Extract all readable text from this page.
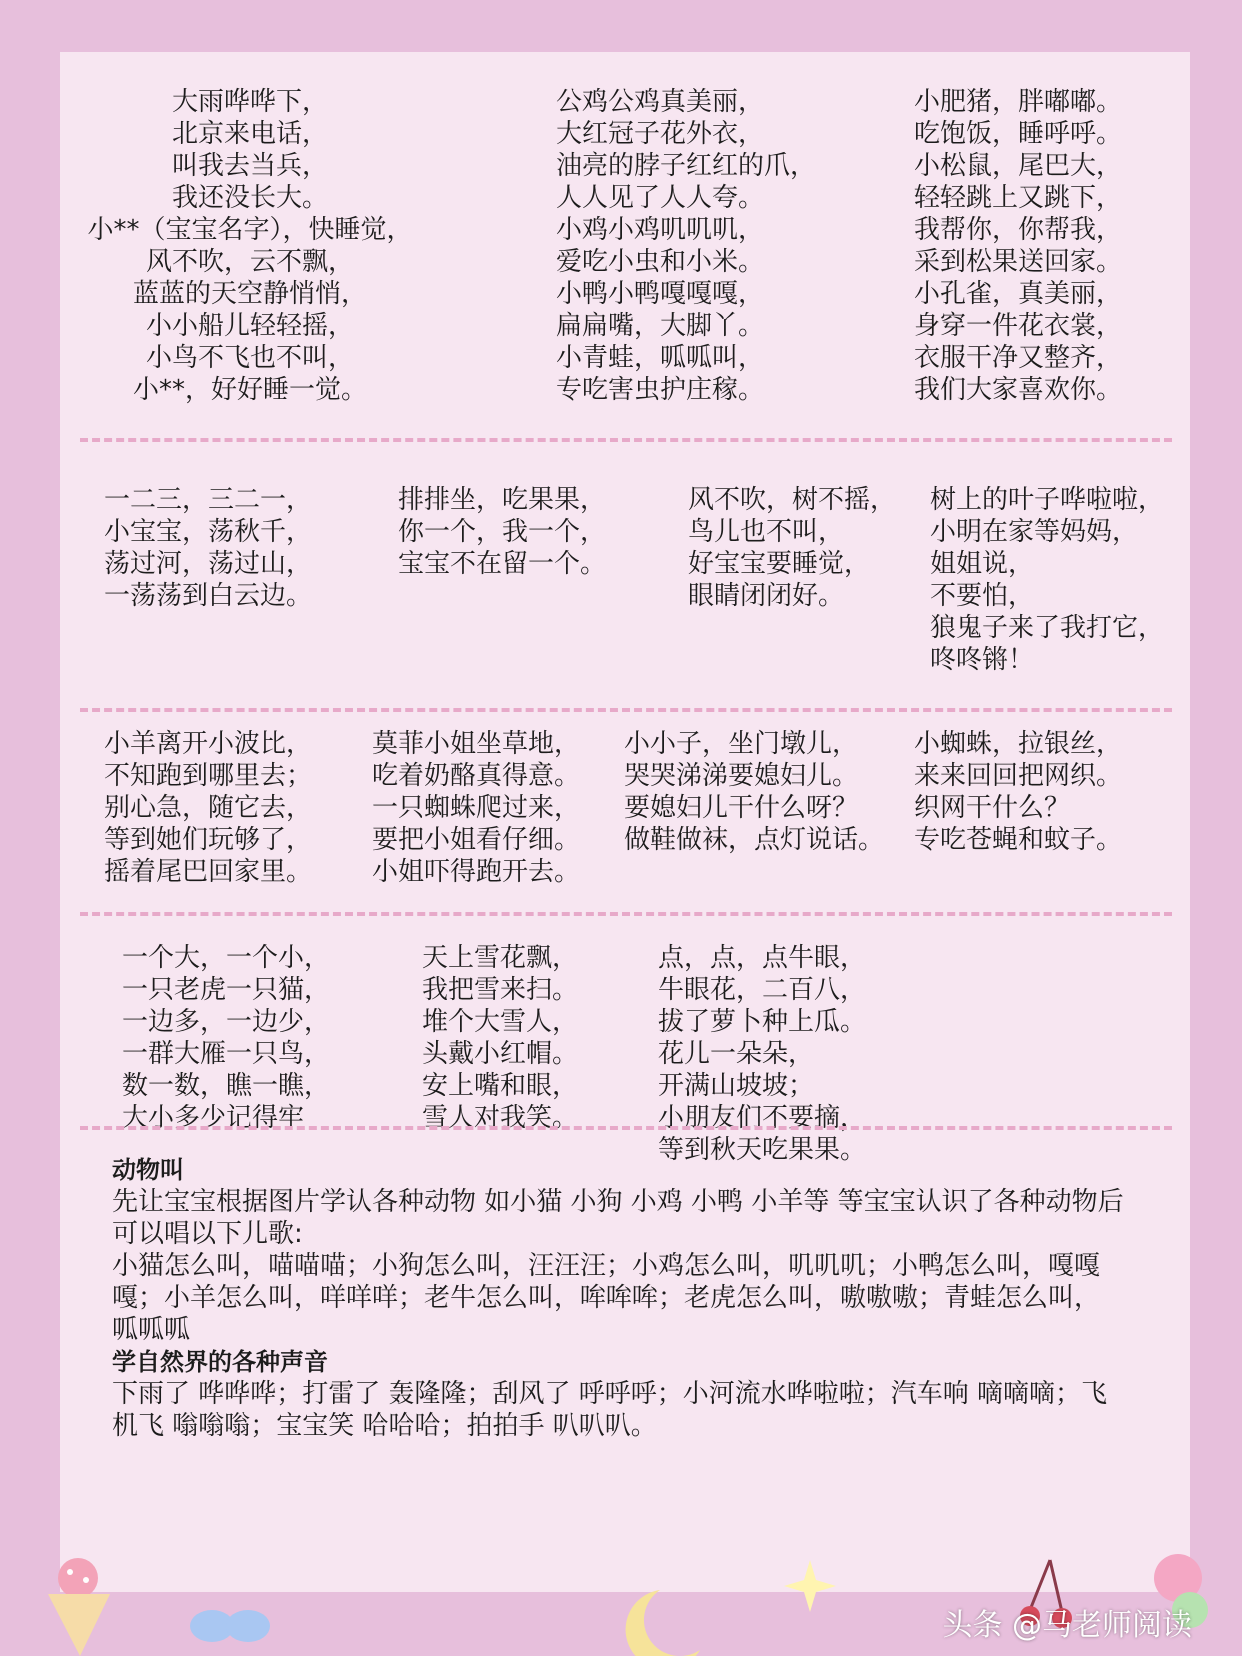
大雨哗哗下，
北京来电话，
叫我去当兵，
我还没长大。
小**（宝宝名字），快睡觉，
风不吹，云不飘，
蓝蓝的天空静悄悄，
小小船儿轻轻摇，
小鸟不飞也不叫，
小**，好好睡一觉。
公鸡公鸡真美丽，
大红冠子花外衣，
油亮的脖子红红的爪，
人人见了人人夸。
小鸡小鸡叽叽叽，
爱吃小虫和小米。
小鸭小鸭嘎嘎嘎，
扁扁嘴，大脚丫。
小青蛙，呱呱叫，
专吃害虫护庄稼。
小肥猪，胖嘟嘟。
吃饱饭，睡呼呼。
小松鼠，尾巴大，
轻轻跳上又跳下，
我帮你，你帮我，
采到松果送回家。
小孔雀，真美丽，
身穿一件花衣裳，
衣服干净又整齐，
我们大家喜欢你。
一二三，三二一，
小宝宝，荡秋千，
荡过河，荡过山，
一荡荡到白云边。
排排坐，吃果果，
你一个，我一个，
宝宝不在留一个。
风不吹，树不摇，
鸟儿也不叫，
好宝宝要睡觉，
眼睛闭闭好。
树上的叶子哗啦啦，
小明在家等妈妈，
姐姐说，
不要怕，
狼鬼子来了我打它，
咚咚锵！
小羊离开小波比，
不知跑到哪里去；
别心急，随它去，
等到她们玩够了，
摇着尾巴回家里。
莫菲小姐坐草地，
吃着奶酪真得意。
一只蜘蛛爬过来，
要把小姐看仔细。
小姐吓得跑开去。
小小子，坐门墩儿，
哭哭涕涕要媳妇儿。
要媳妇儿干什么呀？
做鞋做袜，点灯说话。
小蜘蛛，拉银丝，
来来回回把网织。
织网干什么？
专吃苍蝇和蚊子。
一个大，一个小，
一只老虎一只猫，
一边多，一边少，
一群大雁一只鸟，
数一数，瞧一瞧，
大小多少记得牢
天上雪花飘，
我把雪来扫。
堆个大雪人，
头戴小红帽。
安上嘴和眼，
雪人对我笑。
点，点，点牛眼，
牛眼花，二百八，
拔了萝卜种上瓜。
花儿一朵朵，
开满山坡坡；
小朋友们不要摘，
等到秋天吃果果。
动物叫
先让宝宝根据图片学认各种动物 如小猫 小狗 小鸡 小鸭 小羊等 等宝宝认识了各种动物后
可以唱以下儿歌:
小猫怎么叫，喵喵喵；小狗怎么叫，汪汪汪；小鸡怎么叫，叽叽叽；小鸭怎么叫，嘎嘎
嘎；小羊怎么叫，咩咩咩；老牛怎么叫，哞哞哞；老虎怎么叫，嗷嗷嗷；青蛙怎么叫，
呱呱呱
学自然界的各种声音
下雨了 哗哗哗；打雷了 轰隆隆；刮风了 呼呼呼；小河流水哗啦啦；汽车响 嘀嘀嘀；飞
机飞 嗡嗡嗡；宝宝笑 哈哈哈；拍拍手 叭叭叭。
头条 @马老师阅读
